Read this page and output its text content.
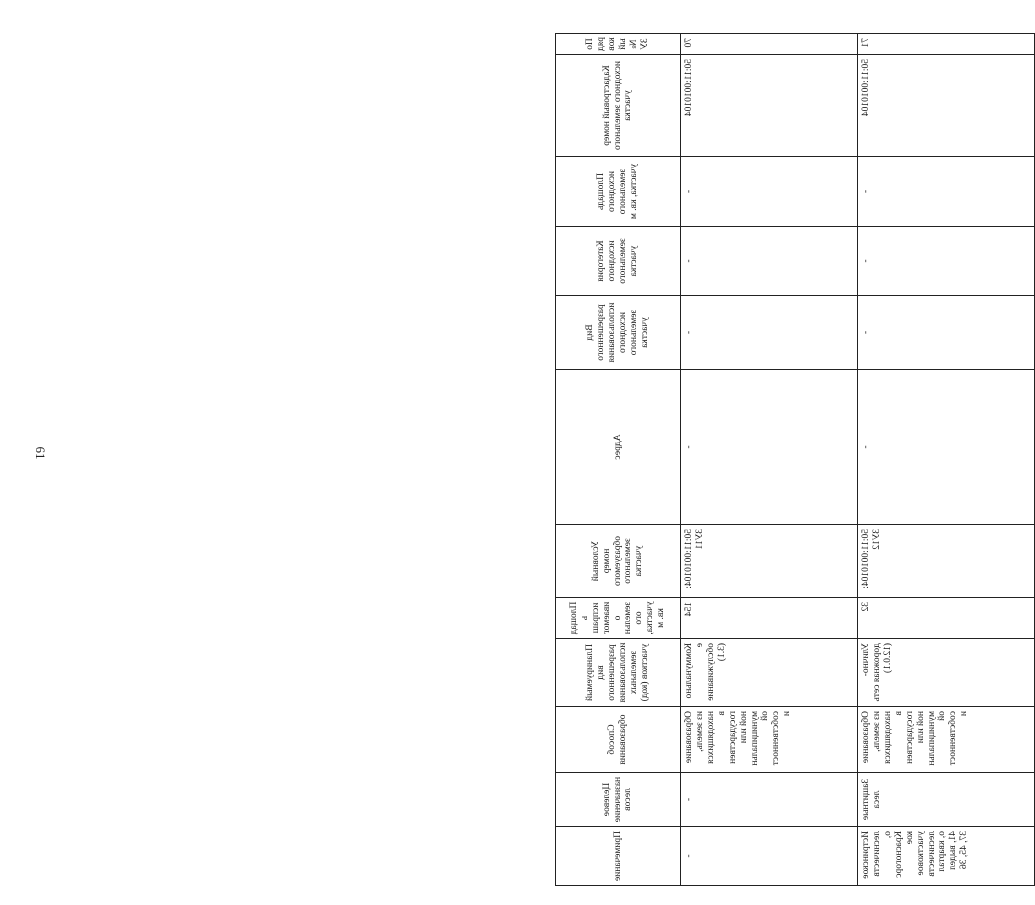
61
Порядковый № ЗУ	Кадастровый номер исходного земельного участка	Площадь исходного земельного участка, кв. м	Категория исходного земельного участка	Вид разрешенного использования исходного земельного участка	Адрес	Условный номер образуемого земельного участка	Площадь испрашиваемого земельного участка, кв. м	Планируемый вид разрешенного использования земельных участков (код)	Способ образования	Целевое назначение лесов	Примечание
70	50:11:0010104	-	-	-	-	50:11:0010104:ЗУ11	154	Коммунальное обслуживание (3.1)	Образование из земель, находящихся в государственной или муниципальной собственности	-	-
71	50:11:0010104	-	-	-	-	50:11:0010104:ЗУ12	32	Улично-дорожная сеть (12.0.1)	Образование из земель, находящихся в государственной или муниципальной собственности	Защитные леса	Истринское лесничество, Красногорское участковое лесничество, квартал 41, выдел 37, 45, 36
